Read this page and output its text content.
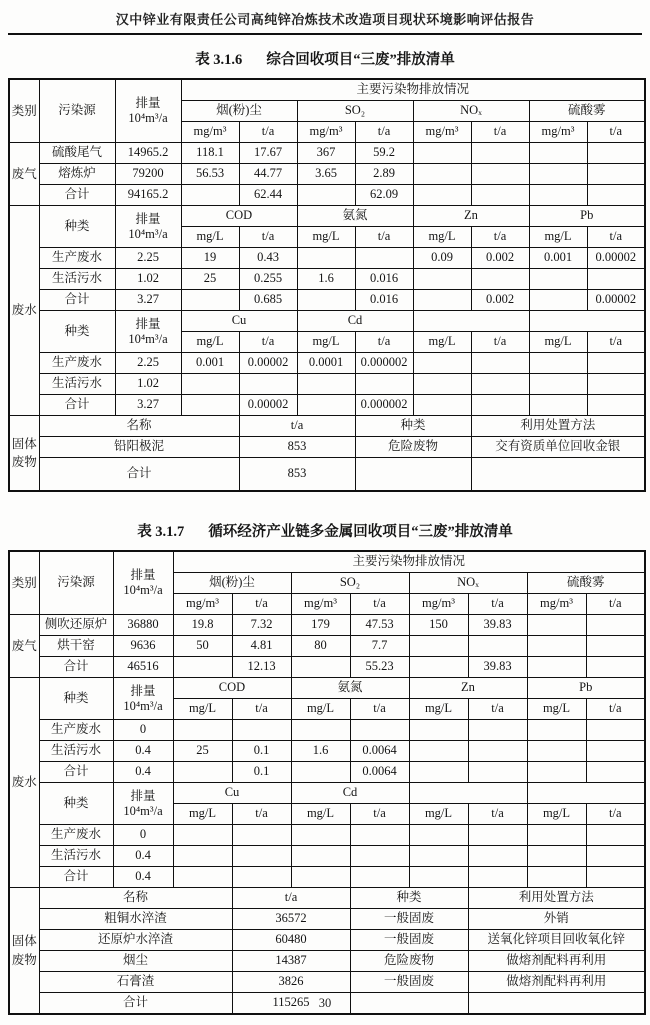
汉中锌业有限责任公司高纯锌冶炼技术改造项目现状环境影响评估报告
表 3.1.6 综合回收项目“三废”排放清单
类别	污染源	排量
10⁴m³/a	主要污染物排放情况							
			烟(粉)尘		SO₂		NOₓ		硫酸雾	
			mg/m³	t/a	mg/m³	t/a	mg/m³	t/a	mg/m³	t/a
废气	硫酸尾气	14965.2	118.1	17.67	367	59.2				
	熔炼炉	79200	56.53	44.77	3.65	2.89				
	合计	94165.2		62.44		62.09				
废水	种类	排量
10⁴m³/a	COD		氨氮		Zn		Pb	
			mg/L	t/a	mg/L	t/a	mg/L	t/a	mg/L	t/a
	生产废水	2.25	19	0.43			0.09	0.002	0.001	0.00002
	生活污水	1.02	25	0.255	1.6	0.016				
	合计	3.27		0.685		0.016		0.002		0.00002
	种类	排量
10⁴m³/a	Cu		Cd					
			mg/L	t/a	mg/L	t/a	mg/L	t/a	mg/L	t/a
	生产废水	2.25	0.001	0.00002	0.0001	0.000002				
	生活污水	1.02								
	合计	3.27		0.00002		0.000002				
固体废物	名称			t/a		种类		利用处置方法		
	铅阳极泥			853		危险废物		交有资质单位回收金银		
	合计			853						
表 3.1.7 循环经济产业链多金属回收项目“三废”排放清单
类别	污染源	排量
10⁴m³/a	主要污染物排放情况							
			烟(粉)尘		SO₂		NOₓ		硫酸雾	
			mg/m³	t/a	mg/m³	t/a	mg/m³	t/a	mg/m³	t/a
废气	侧吹还原炉	36880	19.8	7.32	179	47.53	150	39.83		
	烘干窑	9636	50	4.81	80	7.7				
	合计	46516		12.13		55.23		39.83		
废水	种类	排量
10⁴m³/a	COD		氨氮		Zn		Pb	
			mg/L	t/a	mg/L	t/a	mg/L	t/a	mg/L	t/a
	生产废水	0								
	生活污水	0.4	25	0.1	1.6	0.0064				
	合计	0.4		0.1		0.0064				
	种类	排量
10⁴m³/a	Cu		Cd					
			mg/L	t/a	mg/L	t/a	mg/L	t/a	mg/L	t/a
	生产废水	0								
	生活污水	0.4								
	合计	0.4								
固体废物	名称			t/a		种类		利用处置方法		
	粗铜水淬渣			36572		一般固废		外销		
	还原炉水淬渣			60480		一般固废		送氧化锌项目回收氧化锌		

	烟尘			14387		危险废物		做熔剂配料再利用		
	石膏渣			3826		一般固废		做熔剂配料再利用		
	合计			115265						30
